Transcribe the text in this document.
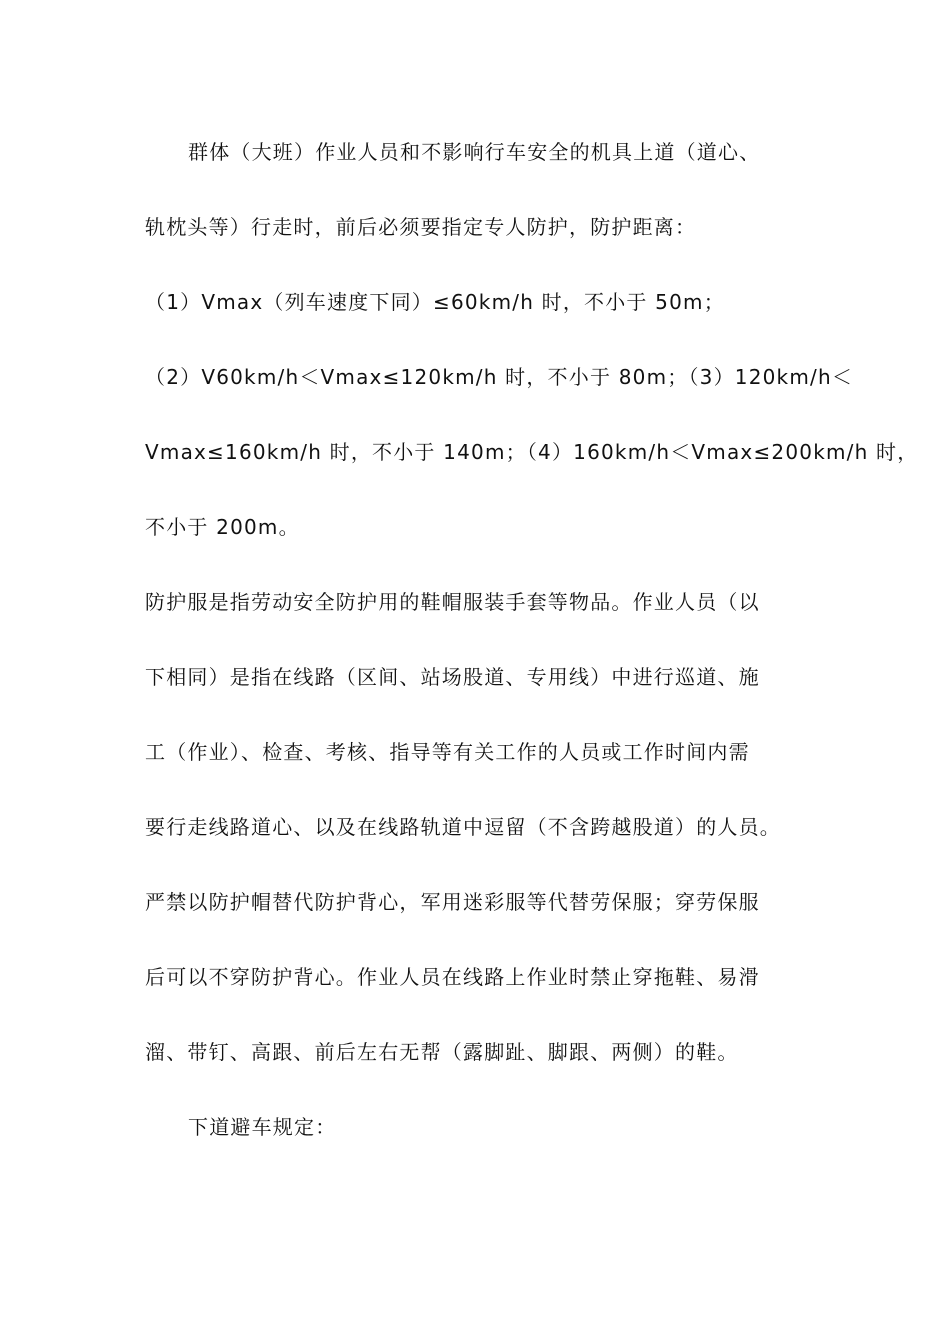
群体（大班）作业人员和不影响行车安全的机具上道（道心、
轨枕头等）行走时，前后必须要指定专人防护，防护距离：
（1）Vmax（列车速度下同）≤60km/h 时，不小于 50m；
（2）V60km/h＜Vmax≤120km/h 时，不小于 80m；（3）120km/h＜
Vmax≤160km/h 时，不小于 140m；（4）160km/h＜Vmax≤200km/h 时，
不小于 200m。
防护服是指劳动安全防护用的鞋帽服装手套等物品。作业人员（以
下相同）是指在线路（区间、站场股道、专用线）中进行巡道、施
工（作业）、检查、考核、指导等有关工作的人员或工作时间内需
要行走线路道心、以及在线路轨道中逗留（不含跨越股道）的人员。
严禁以防护帽替代防护背心，军用迷彩服等代替劳保服；穿劳保服
后可以不穿防护背心。作业人员在线路上作业时禁止穿拖鞋、易滑
溜、带钉、高跟、前后左右无帮（露脚趾、脚跟、两侧）的鞋。
下道避车规定：
